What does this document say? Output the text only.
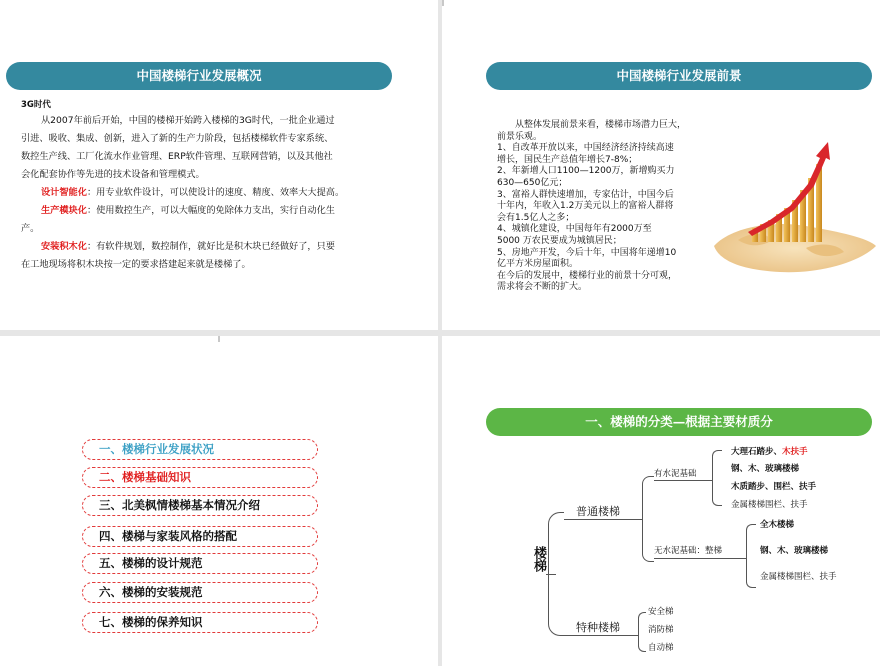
中国楼梯行业发展概况

3G时代

从2007年前后开始，中国的楼梯开始跨入楼梯的3G时代，一批企业通过

引进、吸收、集成、创新，进入了新的生产力阶段，包括楼梯软件专家系统、

数控生产线、工厂化流水作业管理、ERP软件管理、互联网营销，以及其他社

会化配套协作等先进的技术设备和管理模式。

设计智能化：用专业软件设计，可以使设计的速度、精度、效率大大提高。

生产模块化：使用数控生产，可以大幅度的免除体力支出，实行自动化生

产。

安装积木化：有软件规划，数控制作，就好比是积木块已经做好了，只要

在工地现场将积木块按一定的要求搭建起来就是楼梯了。

中国楼梯行业发展前景
　　从整体发展前景来看，楼梯市场潜力巨大，
前景乐观。
1、自改革开放以来，中国经济经济持续高速
增长，国民生产总值年增长7-8%；
2、年新增人口1100—1200万，新增购买力
630—650亿元；
3、富裕人群快速增加，专家估计，中国今后
十年内，年收入1.2万美元以上的富裕人群将
会有1.5亿人之多；
4、城镇化建设，中国每年有2000万至
5000 万农民要成为城镇居民；
5、房地产开发，今后十年，中国将年递增10
亿平方米房屋面积。
在今后的发展中，楼梯行业的前景十分可观，
需求将会不断的扩大。
一、楼梯行业发展状况
二、楼梯基础知识
三、北美枫情楼梯基本情况介绍
四、楼梯与家装风格的搭配
五、楼梯的设计规范
六、楼梯的安装规范
七、楼梯的保养知识
一、楼梯的分类—根据主要材质分
楼梯
普通楼梯
有水泥基础
大理石踏步、木扶手
钢、木、玻璃楼梯
木质踏步、围栏、扶手
金属楼梯围栏、扶手
无水泥基础：整梯
全木楼梯
钢、木、玻璃楼梯
金属楼梯围栏、扶手
特种楼梯
安全梯
消防梯
自动梯
